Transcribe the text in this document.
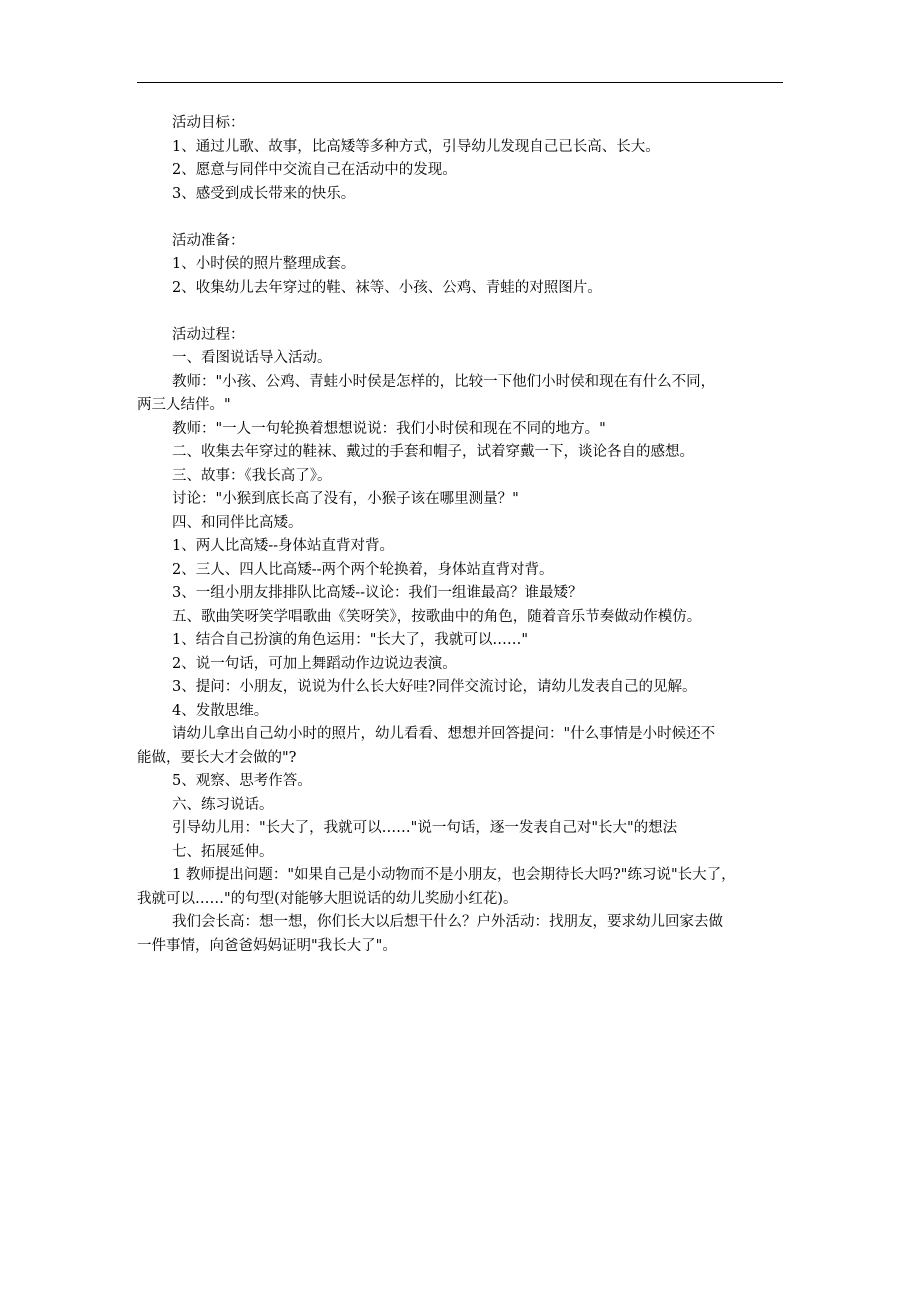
活动目标：
1、通过儿歌、故事，比高矮等多种方式，引导幼儿发现自己已长高、长大。
2、愿意与同伴中交流自己在活动中的发现。
3、感受到成长带来的快乐。
活动准备：
1、小时侯的照片整理成套。
2、收集幼儿去年穿过的鞋、袜等、小孩、公鸡、青蛙的对照图片。
活动过程：
一、看图说话导入活动。
教师："小孩、公鸡、青蛙小时侯是怎样的，比较一下他们小时侯和现在有什么不同，
两三人结伴。"
教师："一人一句轮换着想想说说：我们小时侯和现在不同的地方。"
二、收集去年穿过的鞋袜、戴过的手套和帽子，试着穿戴一下，谈论各自的感想。
三、故事：《我长高了》。
讨论："小猴到底长高了没有，小猴子该在哪里测量？"
四、和同伴比高矮。
1、两人比高矮--身体站直背对背。
2、三人、四人比高矮--两个两个轮换着，身体站直背对背。
3、一组小朋友排排队比高矮--议论：我们一组谁最高？谁最矮？
五、歌曲笑呀笑学唱歌曲《笑呀笑》，按歌曲中的角色，随着音乐节奏做动作模仿。
1、结合自己扮演的角色运用："长大了，我就可以……"
2、说一句话，可加上舞蹈动作边说边表演。
3、提问：小朋友，说说为什么长大好哇?同伴交流讨论，请幼儿发表自己的见解。
4、发散思维。
请幼儿拿出自己幼小时的照片，幼儿看看、想想并回答提问："什么事情是小时候还不
能做，要长大才会做的"?
5、观察、思考作答。
六、练习说话。
引导幼儿用："长大了，我就可以……"说一句话，逐一发表自己对"长大"的想法
七、拓展延伸。
1 教师提出问题："如果自己是小动物而不是小朋友，也会期待长大吗?"练习说"长大了，
我就可以……"的句型(对能够大胆说话的幼儿奖励小红花)。
我们会长高：想一想，你们长大以后想干什么？户外活动：找朋友，要求幼儿回家去做
一件事情，向爸爸妈妈证明"我长大了"。
